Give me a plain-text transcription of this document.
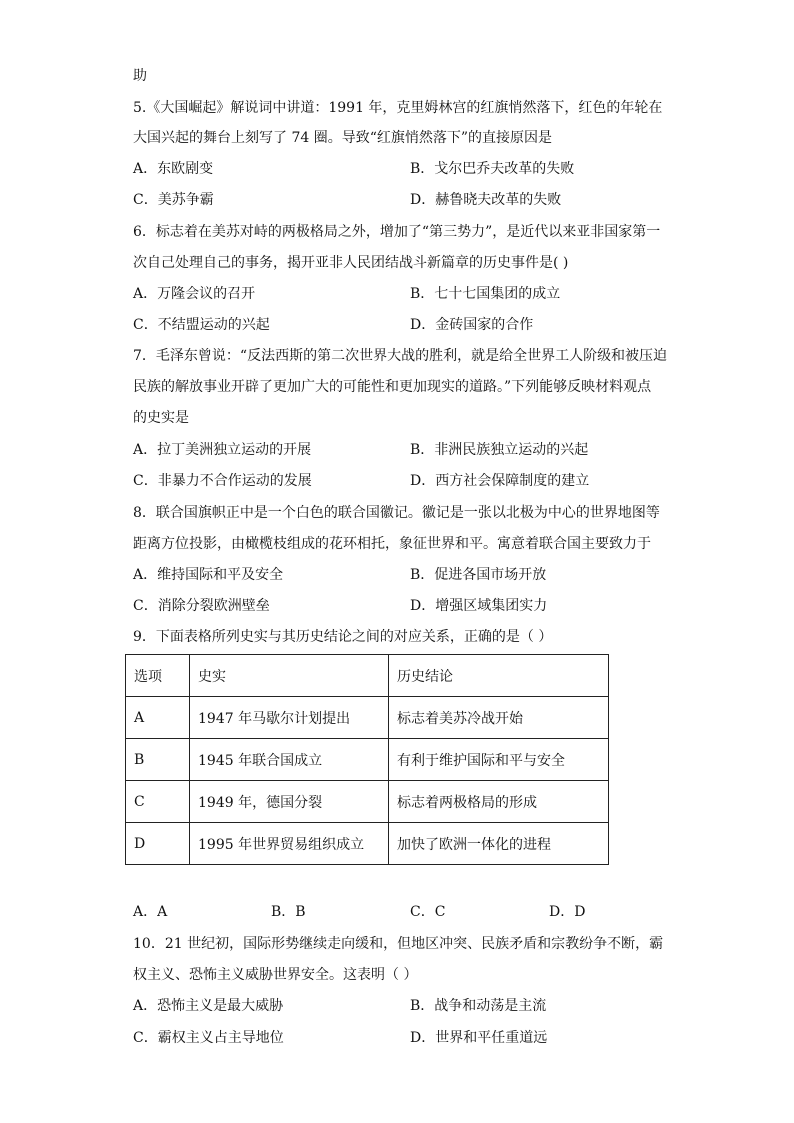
助
5.《大国崛起》解说词中讲道：1991 年，克里姆林宫的红旗悄然落下，红色的年轮在
大国兴起的舞台上刻写了 74 圈。导致“红旗悄然落下”的直接原因是
A．东欧剧变	B．戈尔巴乔夫改革的失败
C．美苏争霸	D．赫鲁晓夫改革的失败
6．标志着在美苏对峙的两极格局之外，增加了“第三势力”，是近代以来亚非国家第一
次自己处理自己的事务，揭开亚非人民团结战斗新篇章的历史事件是( )
A．万隆会议的召开	B．七十七国集团的成立
C．不结盟运动的兴起	D．金砖国家的合作
7．毛泽东曾说：“反法西斯的第二次世界大战的胜利，就是给全世界工人阶级和被压迫
民族的解放事业开辟了更加广大的可能性和更加现实的道路。”下列能够反映材料观点
的史实是
A．拉丁美洲独立运动的开展	B．非洲民族独立运动的兴起
C．非暴力不合作运动的发展	D．西方社会保障制度的建立
8．联合国旗帜正中是一个白色的联合国徽记。徽记是一张以北极为中心的世界地图等
距离方位投影，由橄榄枝组成的花环相托，象征世界和平。寓意着联合国主要致力于
A．维持国际和平及安全	B．促进各国市场开放
C．消除分裂欧洲壁垒	D．增强区域集团实力
9．下面表格所列史实与其历史结论之间的对应关系，正确的是（ ）
选项	史实	历史结论
A	1947 年马歇尔计划提出	标志着美苏冷战开始
B	1945 年联合国成立	有利于维护国际和平与安全
C	1949 年，德国分裂	标志着两极格局的形成
D	1995 年世界贸易组织成立	加快了欧洲一体化的进程
A．A	B．B	C．C	D．D
10．21 世纪初，国际形势继续走向缓和，但地区冲突、民族矛盾和宗教纷争不断，霸
权主义、恐怖主义威胁世界安全。这表明（ ）
A．恐怖主义是最大威胁	B．战争和动荡是主流
C．霸权主义占主导地位	D．世界和平任重道远
